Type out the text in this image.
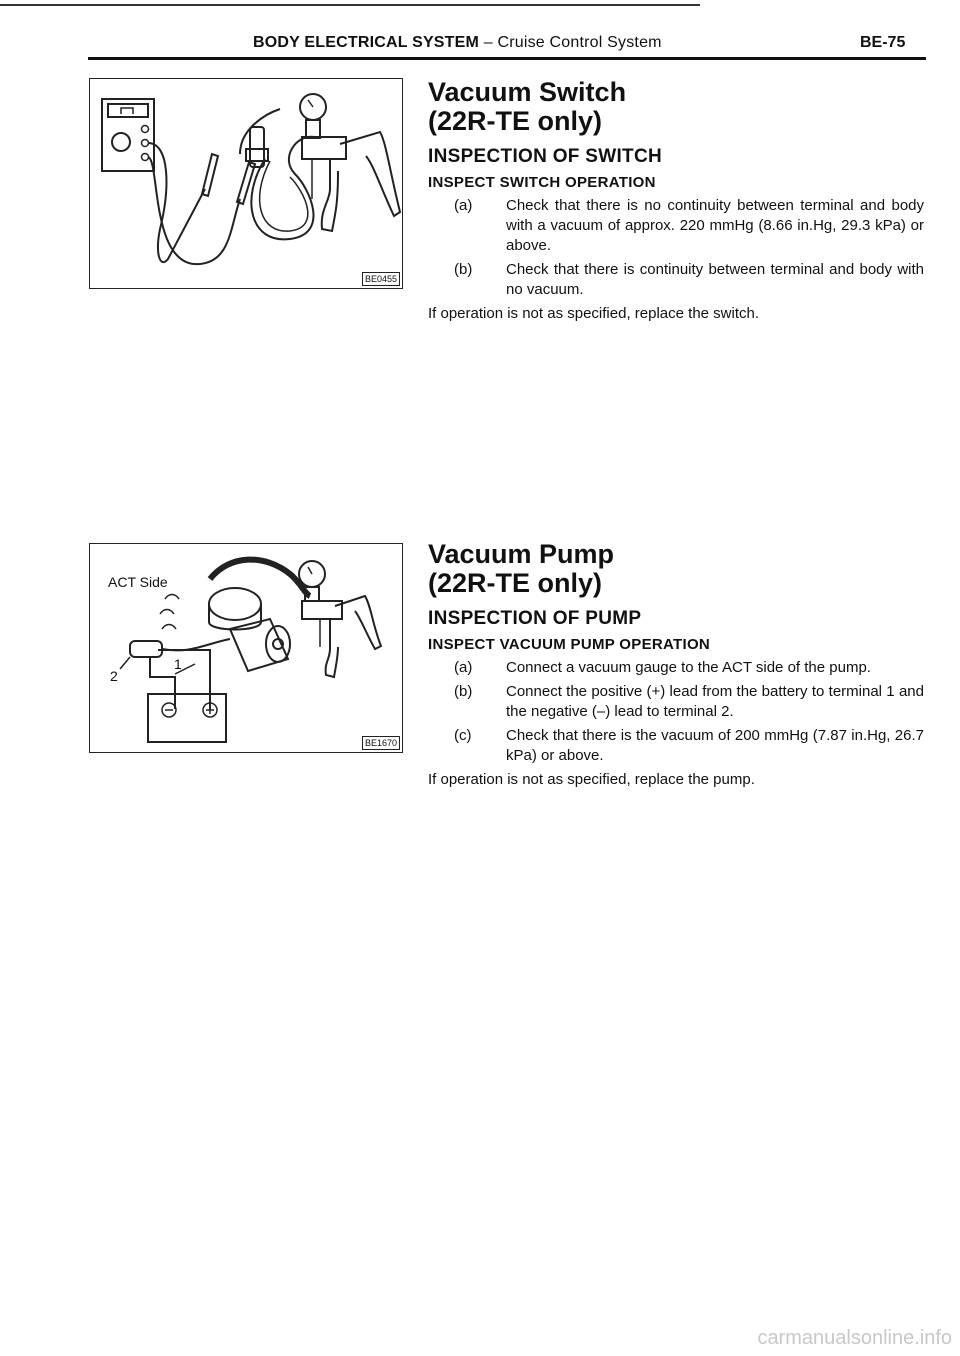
BODY ELECTRICAL SYSTEM – Cruise Control System	BE-75
BE0455
ACT Side
1
2
BE1670
Vacuum Switch
(22R-TE only)
INSPECTION OF SWITCH
INSPECT SWITCH OPERATION
(a)	Check that there is no continuity between terminal and body with a vacuum of approx. 220 mmHg (8.66 in.Hg, 29.3 kPa) or above.
(b)	Check that there is continuity between terminal and body with no vacuum.
If operation is not as specified, replace the switch.
Vacuum Pump
(22R-TE only)
INSPECTION OF PUMP
INSPECT VACUUM PUMP OPERATION
(a)	Connect a vacuum gauge to the ACT side of the pump.
(b)	Connect the positive (+) lead from the battery to terminal 1 and the negative (–) lead to terminal 2.
(c)	Check that there is the vacuum of 200 mmHg (7.87 in.Hg, 26.7 kPa) or above.
If operation is not as specified, replace the pump.
carmanualsonline.info
